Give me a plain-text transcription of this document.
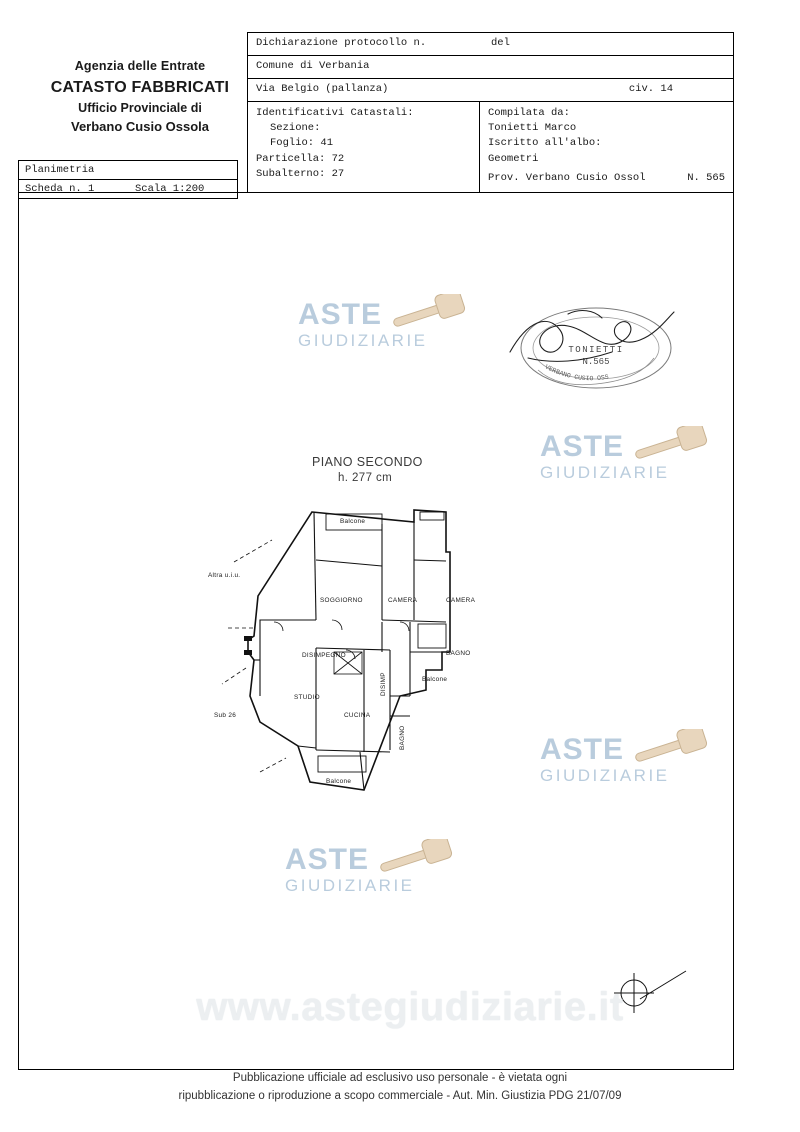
Agenzia delle Entrate
CATASTO FABBRICATI
Ufficio Provinciale di
Verbano Cusio Ossola
Planimetria
Scheda n. 1	Scala 1:200
Dichiarazione protocollo n.	del
Comune di Verbania
Via Belgio (pallanza)	civ. 14
Identificativi Catastali:
Sezione:
Foglio: 41
Particella: 72
Subalterno: 27
Compilata da:
Tonietti Marco
Iscritto all'albo:
Geometri
Prov. Verbano Cusio Ossol	N. 565
ASTE
GIUDIZIARIE
ASTE
GIUDIZIARIE
ASTE
GIUDIZIARIE
ASTE
GIUDIZIARIE
TONIETTI
N.565
VERBANO CUSIO OSS
PIANO SECONDO
h. 277 cm
Altra u.i.u.
Sub 26
Balcone
Balcone
Balcone
SOGGIORNO	CAMERA	CAMERA
DISIMPEGNO
DISIMP
STUDIO
CUCINA
BAGNO
BAGNO
www.astegiudiziarie.it
Pubblicazione ufficiale ad esclusivo uso personale - è vietata ogni
ripubblicazione o riproduzione a scopo commerciale - Aut. Min. Giustizia PDG 21/07/09
